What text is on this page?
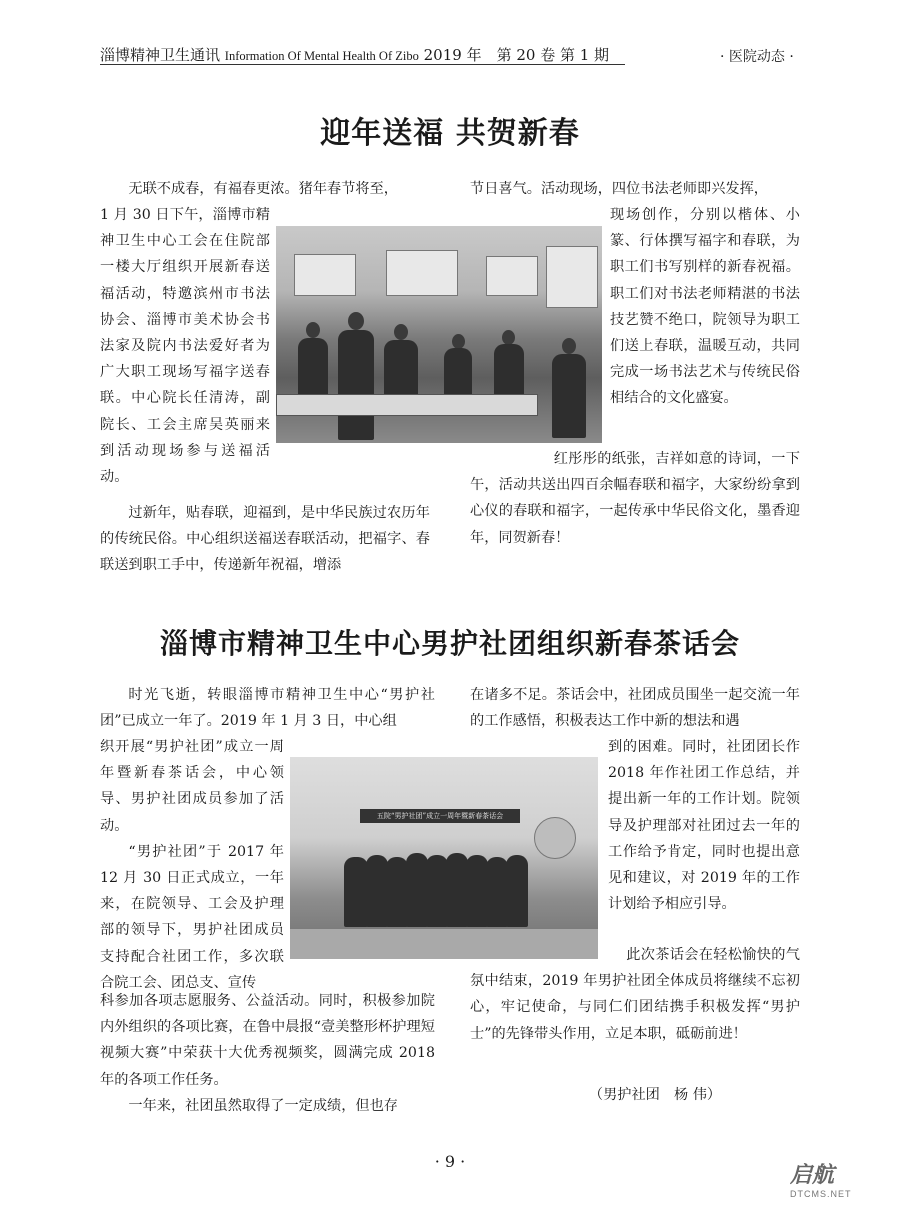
淄博精神卫生通讯 Information Of Mental Health Of Zibo 2019 年　第 20 卷 第 1 期	· 医院动态 ·
迎年送福 共贺新春

无联不成春，有福春更浓。猪年春节将至，

1 月 30 日下午，淄博市精神卫生中心工会在住院部一楼大厅组织开展新春送福活动，特邀滨州市书法协会、淄博市美术协会书法家及院内书法爱好者为广大职工现场写福字送春联。中心院长任清涛，副院长、工会主席吴英丽来到活动现场参与送福活动。

过新年，贴春联，迎福到，是中华民族过农历年的传统民俗。中心组织送福送春联活动，把福字、春联送到职工手中，传递新年祝福，增添

节日喜气。活动现场，四位书法老师即兴发挥，

现场创作，分别以楷体、小篆、行体撰写福字和春联，为职工们书写别样的新春祝福。职工们对书法老师精湛的书法技艺赞不绝口，院领导为职工们送上春联，温暖互动，共同完成一场书法艺术与传统民俗相结合的文化盛宴。

红彤彤的纸张，吉祥如意的诗词，一下午，活动共送出四百余幅春联和福字，大家纷纷拿到心仪的春联和福字，一起传承中华民俗文化，墨香迎年，同贺新春！

淄博市精神卫生中心男护社团组织新春茶话会

时光飞逝，转眼淄博市精神卫生中心“男护社团”已成立一年了。2019 年 1 月 3 日，中心组

织开展“男护社团”成立一周年暨新春茶话会，中心领导、男护社团成员参加了活动。

“男护社团”于 2017 年 12 月 30 日正式成立，一年来，在院领导、工会及护理部的领导下，男护社团成员支持配合社团工作，多次联合院工会、团总支、宣传

科参加各项志愿服务、公益活动。同时，积极参加院内外组织的各项比赛，在鲁中晨报“壹美整形杯护理短视频大赛”中荣获十大优秀视频奖，圆满完成 2018 年的各项工作任务。

一年来，社团虽然取得了一定成绩，但也存

在诸多不足。茶话会中，社团成员围坐一起交流一年的工作感悟，积极表达工作中新的想法和遇

到的困难。同时，社团团长作 2018 年作社团工作总结，并提出新一年的工作计划。院领导及护理部对社团过去一年的工作给予肯定，同时也提出意见和建议，对 2019 年的工作计划给予相应引导。

此次茶话会在轻松愉快的气氛中结束，2019 年男护社团全体成员将继续不忘初心，牢记使命，与同仁们团结携手积极发挥“男护士”的先锋带头作用，立足本职，砥砺前进！

（男护社团　杨 伟）
五院“男护社团”成立一周年暨新春茶话会
· 9 ·
启航
DTCMS.NET
